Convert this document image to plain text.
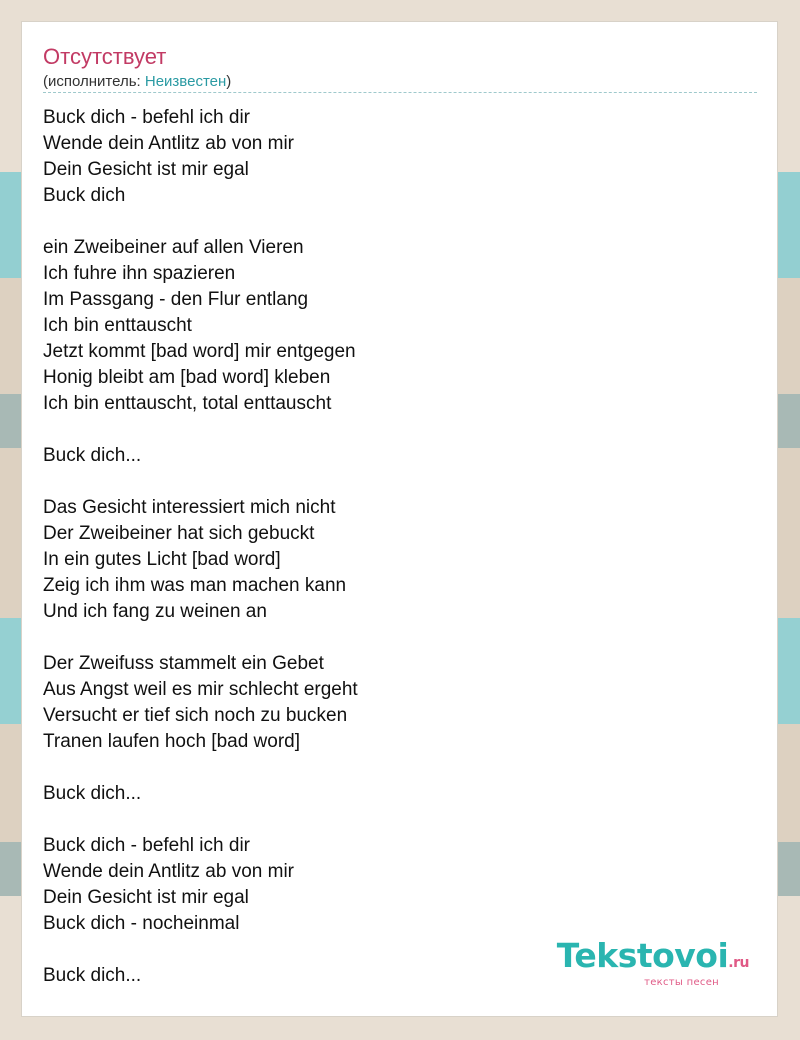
Отсутствует
(исполнитель: Неизвестен)
Buck dich - befehl ich dir
Wende dein Antlitz ab von mir
Dein Gesicht ist mir egal
Buck dich
ein Zweibeiner auf allen Vieren
Ich fuhre ihn spazieren
Im Passgang - den Flur entlang
Ich bin enttauscht
Jetzt kommt [bad word] mir entgegen
Honig bleibt am [bad word] kleben
Ich bin enttauscht, total enttauscht
Buck dich...
Das Gesicht interessiert mich nicht
Der Zweibeiner hat sich gebuckt
In ein gutes Licht [bad word]
Zeig ich ihm was man machen kann
Und ich fang zu weinen an
Der Zweifuss stammelt ein Gebet
Aus Angst weil es mir schlecht ergeht
Versucht er tief sich noch zu bucken
Tranen laufen hoch [bad word]
Buck dich...
Buck dich - befehl ich dir
Wende dein Antlitz ab von mir
Dein Gesicht ist mir egal
Buck dich - nocheinmal
Buck dich...
Tekstovoi.ru
тексты песен
